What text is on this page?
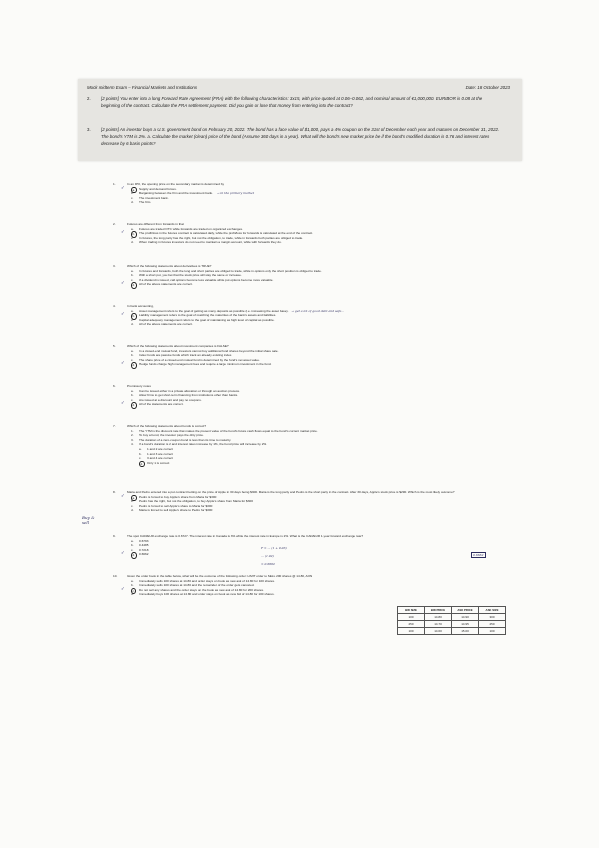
Mock midterm Exam – Financial Markets and Institutions	Date: 18 October 2023
2. [2 points] You enter into a long Forward Rate Agreement (FRA) with the following characteristics: 3x15, with price quoted at 0.06–0.062, and nominal amount of €1,000,000. EURIBOR is 0.08 at the beginning of the contract. Calculate the FRA settlement payment. Did you gain or lose that money from entering into the contract?
3. [2 points] An investor buys a U.S. government bond on February 20, 2022. The bond has a face value of $1,000, pays a 4% coupon on the 31st of December each year and matures on December 31, 2022. The bond's YTM is 2%. a. Calculate the market (clean) price of the bond (Assume 360 days in a year). What will the bond's new market price be if the bond's modified duration is 0.76 and interest rates decrease by 6 basis points?
1.	In an IPO, the opening price on the secondary market is determined by
✓	a.	Supply and demand forces.
b. Bargaining between the firm and the investment bank. → in the primary market
c. The investment bank.
d. The firm.
2.	Futures are different from forwards in that
a. Futures are traded OTC while forwards are traded on organized exchanges.
✓	b.	The profit/loss in the futures contract is calculated daily, while the profit/loss for forwards is calculated at the end of the contract.
c. In futures, the long party has the right, but not the obligation, to trade, while in forwards both parties are obliged to trade.
d. When trading in futures investors do not need to maintain a margin account, while with forwards they do.
3.	Which of the following statements about derivatives is TRUE?
a. In futures and forwards, both the long and short parties are obliged to trade, while in options only the short position is obliged to trade.
b. With a short put, you bet that the stock price will stay the same or increase.
c. If a dividend is issued, call options become less valuable while put options become more valuable.
✓	d.	All of the above statements are correct.
4.	In bank accounting,
a. Asset management refers to the goal of getting as many deposits as possible (i.e. increasing the asset base). → get a lot of good debt and safe...
✓	b.	Liability management refers to the goal of matching the maturities of the bank's assets and liabilities.
c. Capital adequacy management refers to the goal of maintaining as high level of capital as possible.
d. All of the above statements are correct.
5.	Which of the following statements about investment companies is FALSE?
a. In a closed-end mutual fund, investors cannot buy additional fund shares beyond the initial share sale.
b. Index funds are passive funds which track an already existing index.
c. The share price of a closed-end mutual fund is determined by the fund's net asset value.
✓	d.	Hedge funds charge high management fees and require a large minimum investment in the fund.
6.	Promissory notes
a. Can be issued either in a private allocation or through an auction process.
b. Allow firms to get short-term financing from institutions other than banks.
c. Are issued at a discount and pay no coupons.
✓	d.	All of the statements are correct.
7.	Which of the following statements about bonds is correct?
1. The YTM is the discount rate that makes the present value of the bond's future cash flows equal to the bond's current market price.
2. To buy a bond, the investor pays the dirty price.
3. The duration of a zero-coupon bond is less than its time to maturity.
4. If a bond's duration is 2 and interest rates increase by 1%, the bond price will increase by 2%.
a. 1 and 2 are correct
b. 1 and 3 are correct
c. 3 and 4 are correct
d.	Only 1 is correct
8.	Maria and Pedro entered into a put contract betting on the price of Apple in 30 days being $300. Maria is the long party and Pedro is the short party in the contract. After 30 days, Apple's stock price is $290. Which is the most likely outcome?
✓	a.	Pedro is forced to buy Apple's share from Maria for $300
b. Pedro has the right, but not the obligation, to buy Apple's share from Maria for $300
c. Pedro is forced to sell Apple's share to Maria for $300
d. Maria is forced to sell Apple's share to Pedro for $300
9.	The spot CAD/EUR exchange rate is 0.6727. The interest rate in Canada is 3% while the interest rate in Europe is 2%. What is the CAD/EUR 1-year forward exchange rate?
a. 0.6793
b. 0.4485
c. 0.7218
✓	d.	0.6662
F = ... (1 + 0.03)
... (1.02)
= 0.6662
0.6662
10.	Given the order book in the table below, what will be the outcome of the following order: LIMIT order to SELL 200 shares @ 14.80, AON
a. Immediately sells 100 shares at 14.80 and order stays on book as new ask of 14.80 for 100 shares.
b. Immediately sells 100 shares at 14.80 and the remainder of the order gets canceled.
✓	c.	Do not sell any shares and the order stays on the book as new ask of 14.80 for 200 shares.
d. Immediately buys 100 shares at 14.80 and order stays on book as new bid of 14.80 for 100 shares.
BID SIZE	BID PRICE	ASK PRICE	ASK SIZE
100	14.80	14.90	300
250	14.70	14.95	250
100	14.60	15.00	100
Buy &
sell
